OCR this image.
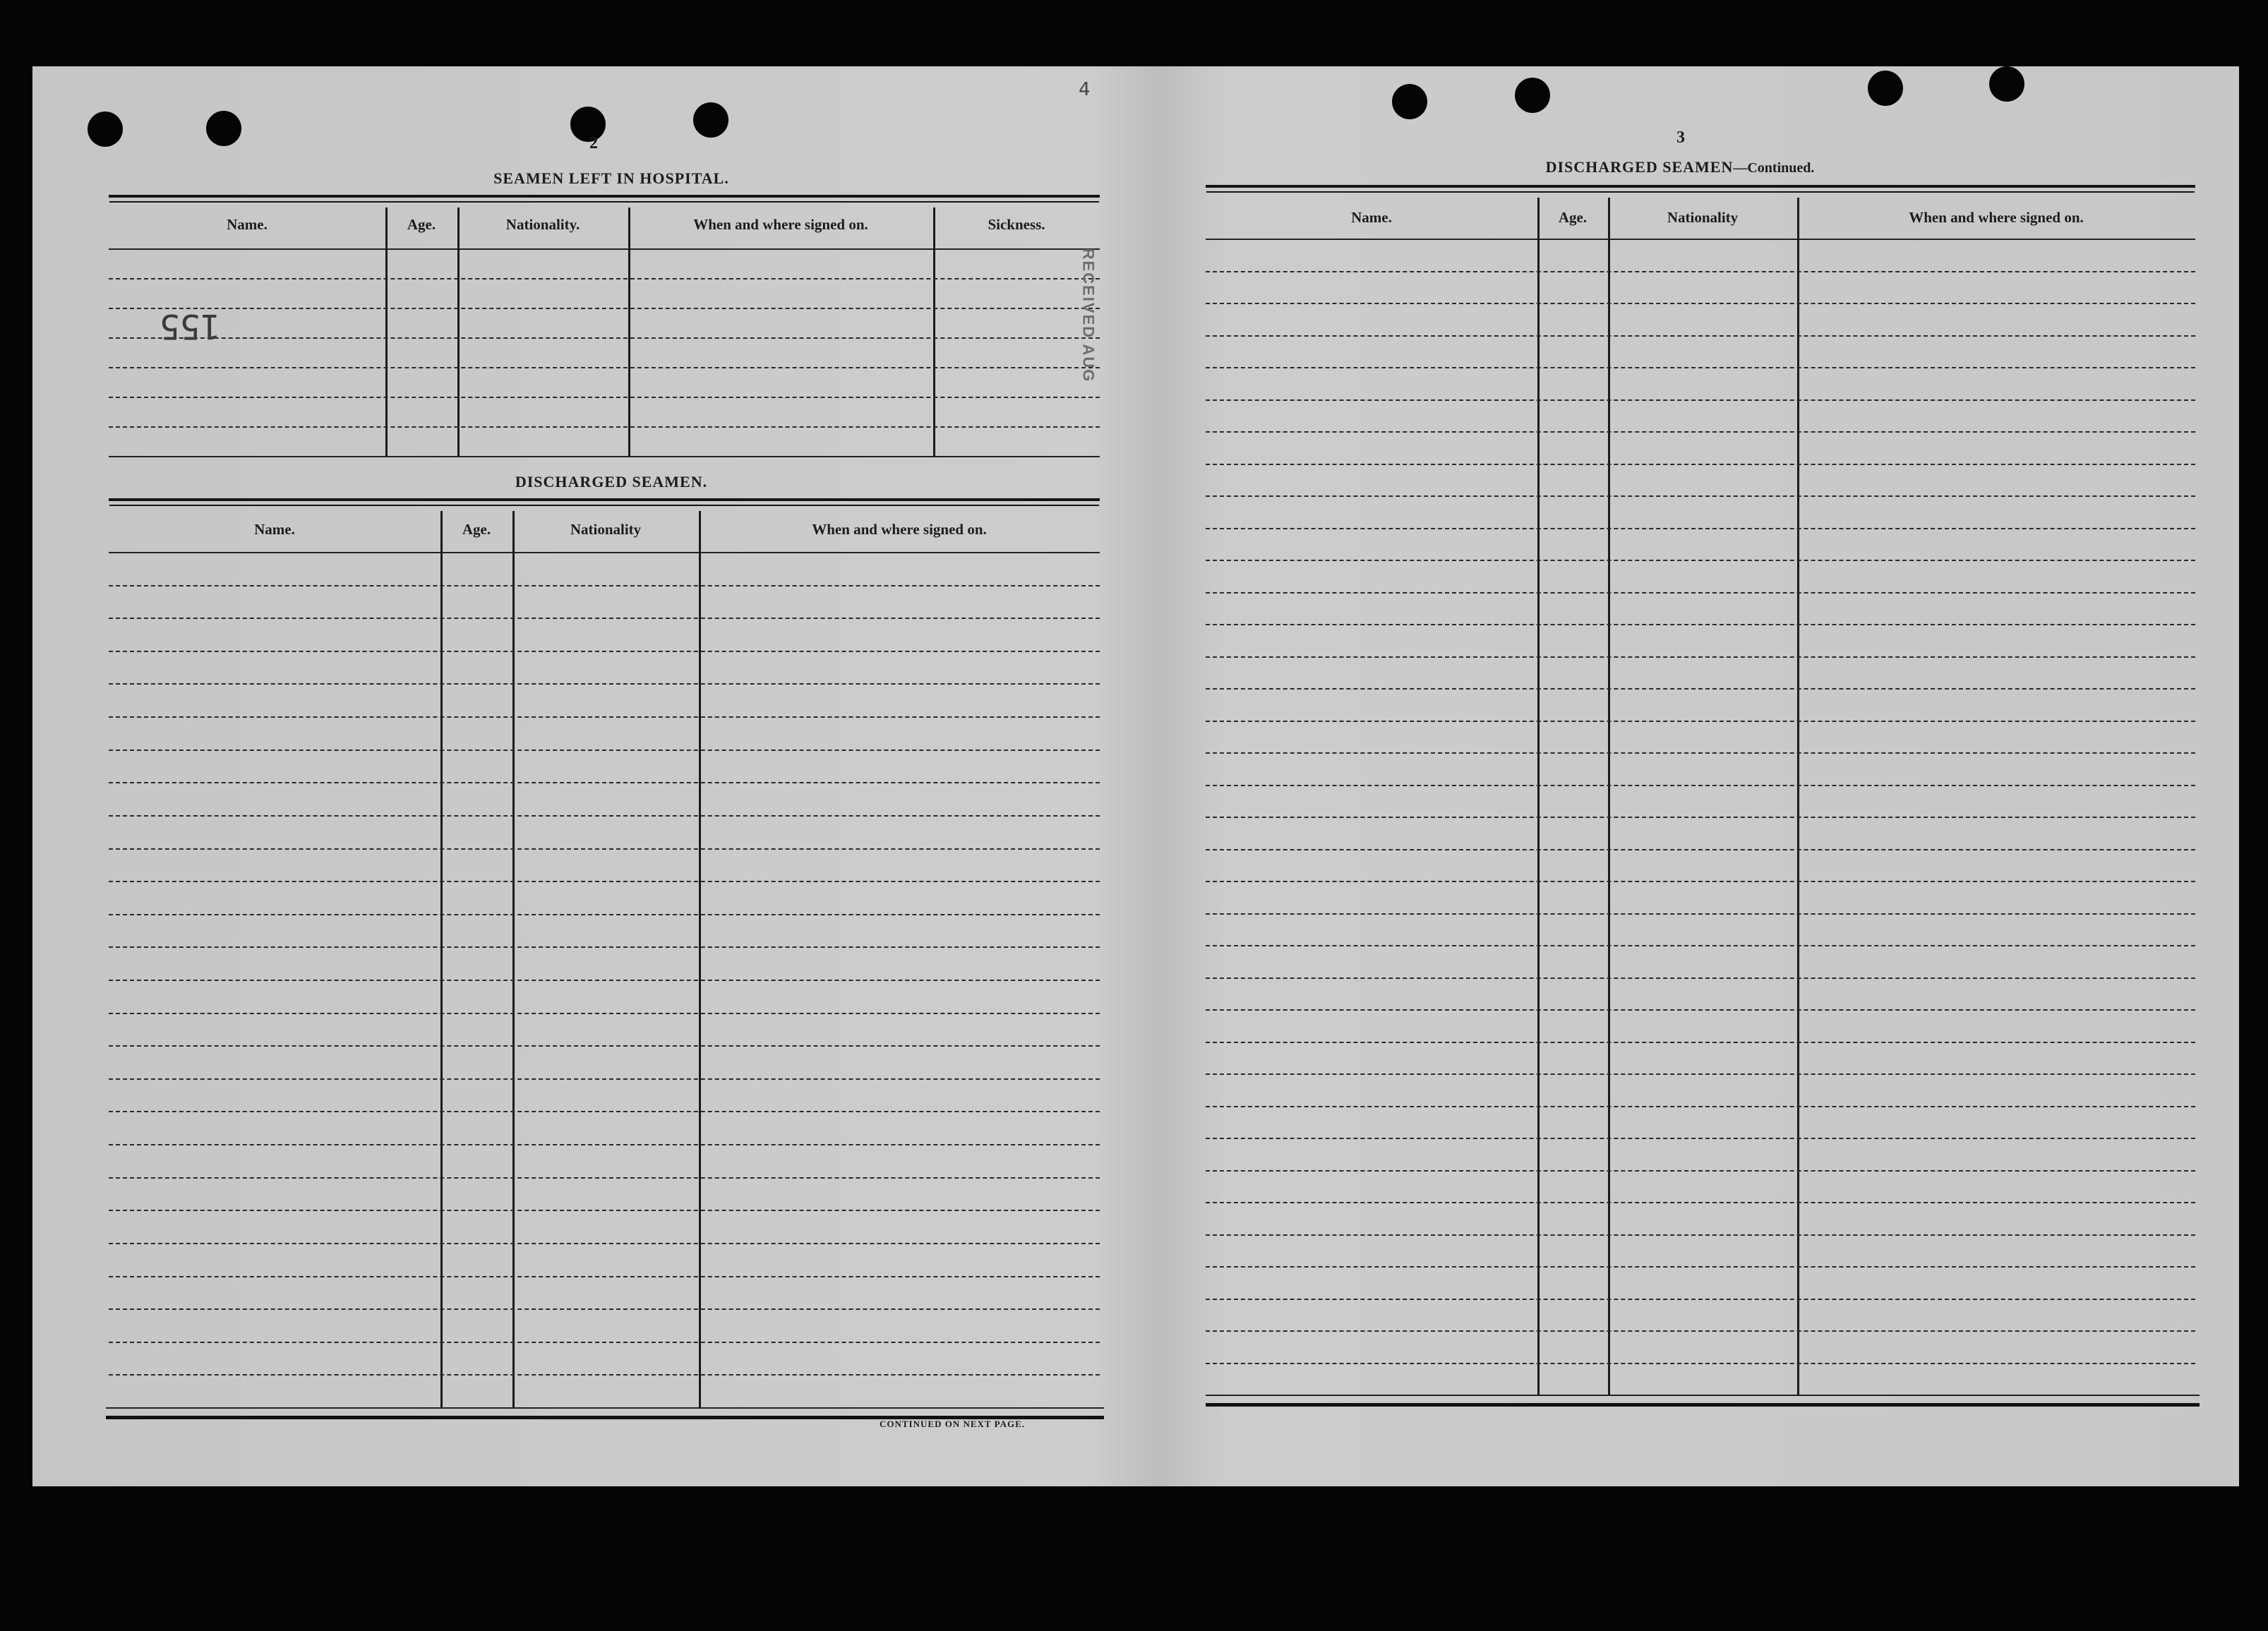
2
4
SEAMEN LEFT IN HOSPITAL.
Name.	Age.	Nationality.	When and where signed on.	Sickness.
155	RECEIVED AUG
DISCHARGED SEAMEN.
Name.	Age.	Nationality	When and where signed on.
CONTINUED ON NEXT PAGE.
3
DISCHARGED SEAMEN—Continued.
Name.	Age.	Nationality	When and where signed on.
